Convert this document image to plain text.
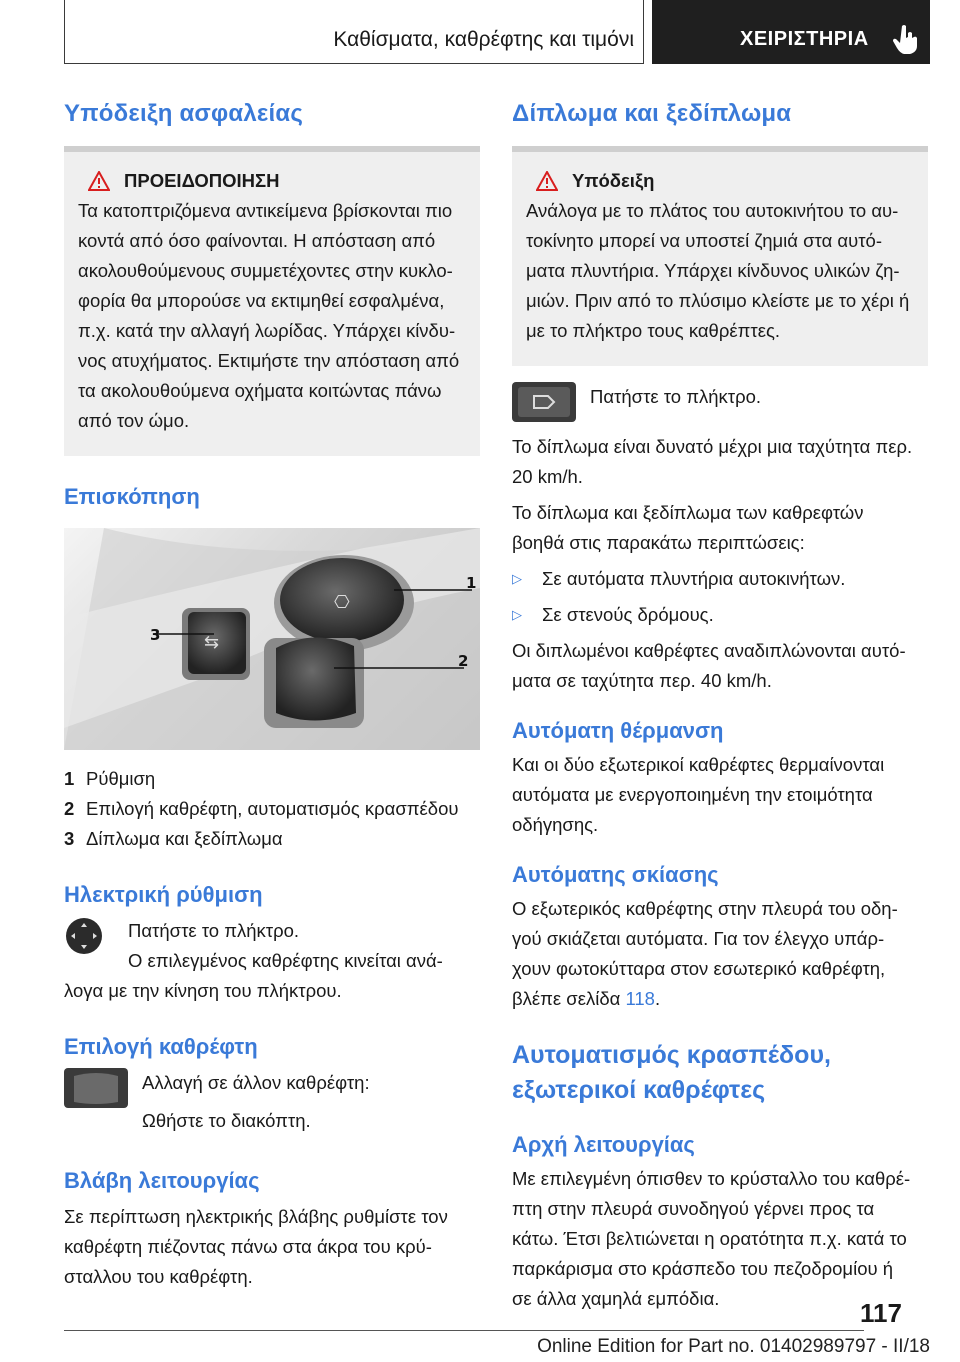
Καθίσματα, καθρέφτης και τιμόνι	ΧΕΙΡΙΣΤΗΡΙΑ
Υπόδειξη ασφαλείας
ΠΡΟΕΙΔΟΠΟΙΗΣΗ
Τα κατοπτριζόμενα αντικείμενα βρίσκονται πιο
κοντά από όσο φαίνονται. Η απόσταση από
ακολουθούμενους συμμετέχοντες στην κυκλο‐
φορία θα μπορούσε να εκτιμηθεί εσφαλμένα,
π.χ. κατά την αλλαγή λωρίδας. Υπάρχει κίνδυ‐
νος ατυχήματος. Εκτιμήστε την απόσταση από
τα ακολουθούμενα οχήματα κοιτώντας πάνω
από τον ώμο.
Επισκόπηση
⎔
⇆
1
2
3
1 Ρύθμιση
2 Επιλογή καθρέφτη, αυτοματισμός κρασπέδου
3 Δίπλωμα και ξεδίπλωμα
Ηλεκτρική ρύθμιση

Πατήστε το πλήκτρο.

Ο επιλεγμένος καθρέφτης κινείται ανά‐

λογα με την κίνηση του πλήκτρου.

Επιλογή καθρέφτη

Αλλαγή σε άλλον καθρέφτη:

Ωθήστε το διακόπτη.

Βλάβη λειτουργίας

Σε περίπτωση ηλεκτρικής βλάβης ρυθμίστε τον

καθρέφτη πιέζοντας πάνω στα άκρα του κρύ‐

σταλλου του καθρέφτη.

Δίπλωμα και ξεδίπλωμα
Υπόδειξη
Ανάλογα με το πλάτος του αυτοκινήτου το αυ‐
τοκίνητο μπορεί να υποστεί ζημιά στα αυτό‐
ματα πλυντήρια. Υπάρχει κίνδυνος υλικών ζη‐
μιών. Πριν από το πλύσιμο κλείστε με το χέρι ή
με το πλήκτρο τους καθρέπτες.

Πατήστε το πλήκτρο.

Το δίπλωμα είναι δυνατό μέχρι μια ταχύτητα περ.

20 km/h.

Το δίπλωμα και ξεδίπλωμα των καθρεφτών

βοηθά στις παρακάτω περιπτώσεις:

▷	Σε αυτόματα πλυντήρια αυτοκινήτων.
▷	Σε στενούς δρόμους.

Οι διπλωμένοι καθρέφτες αναδιπλώνονται αυτό‐

ματα σε ταχύτητα περ. 40 km/h.

Αυτόματη θέρμανση

Και οι δύο εξωτερικοί καθρέφτες θερμαίνονται

αυτόματα με ενεργοποιημένη την ετοιμότητα

οδήγησης.

Αυτόματης σκίασης

Ο εξωτερικός καθρέφτης στην πλευρά του οδη‐

γού σκιάζεται αυτόματα. Για τον έλεγχο υπάρ‐

χουν φωτοκύτταρα στον εσωτερικό καθρέφτη,

βλέπε σελίδα 118.

Αυτοματισμός κρασπέδου,
εξωτερικοί καθρέφτες
Αρχή λειτουργίας

Με επιλεγμένη όπισθεν το κρύσταλλο του καθρέ‐

πτη στην πλευρά συνοδηγού γέρνει προς τα

κάτω. Έτσι βελτιώνεται η ορατότητα π.χ. κατά το

παρκάρισμα στο κράσπεδο του πεζοδρομίου ή

σε άλλα χαμηλά εμπόδια.	117
Online Edition for Part no. 01402989797 - II/18
